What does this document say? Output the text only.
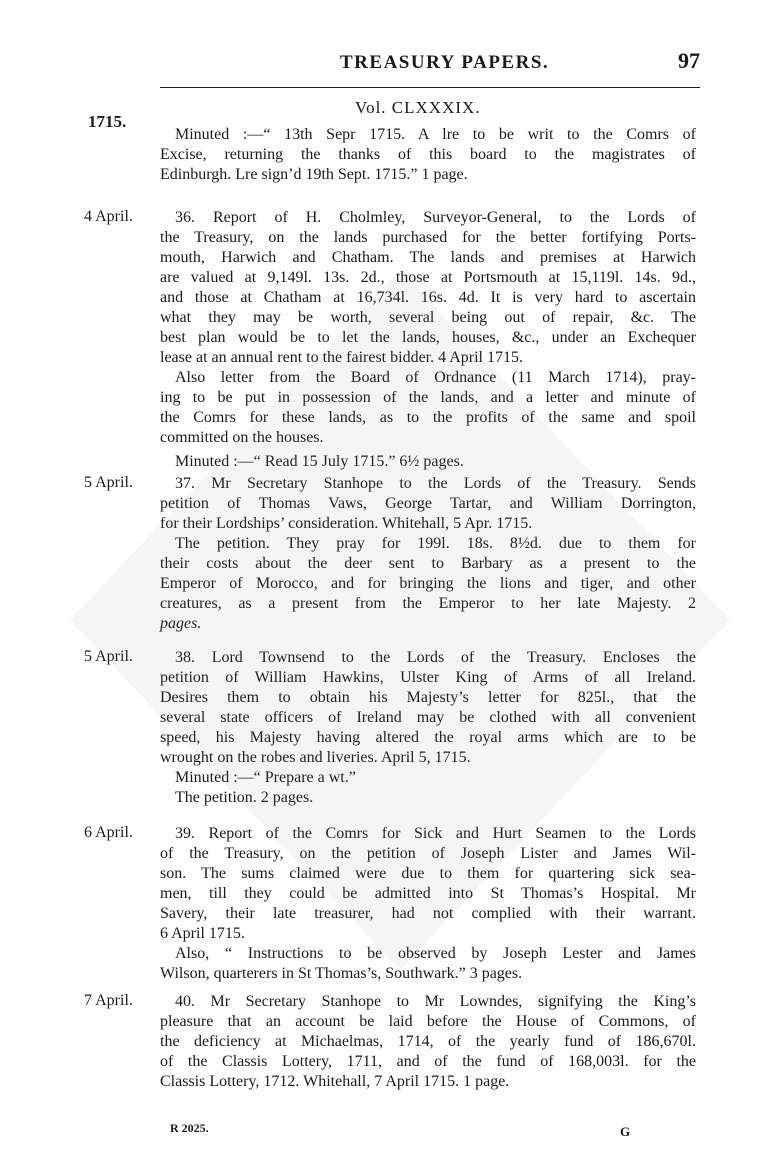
TREASURY PAPERS.	97
Vol. CLXXXIX.
1715.
Minuted :—“ 13th Sepr 1715. A lre to be writ to the Comrs of
Excise, returning the thanks of this board to the magistrates of
Edinburgh. Lre sign’d 19th Sept. 1715.” 1 page.
4 April.	36. Report of H. Cholmley, Surveyor-General, to the Lords of
the Treasury, on the lands purchased for the better fortifying Ports-
mouth, Harwich and Chatham. The lands and premises at Harwich
are valued at 9,149l. 13s. 2d., those at Portsmouth at 15,119l. 14s. 9d.,
and those at Chatham at 16,734l. 16s. 4d. It is very hard to ascertain
what they may be worth, several being out of repair, &c. The
best plan would be to let the lands, houses, &c., under an Exchequer
lease at an annual rent to the fairest bidder. 4 April 1715.
Also letter from the Board of Ordnance (11 March 1714), pray-
ing to be put in possession of the lands, and a letter and minute of
the Comrs for these lands, as to the profits of the same and spoil
committed on the houses.
Minuted :—“ Read 15 July 1715.” 6½ pages.
5 April.	37. Mr Secretary Stanhope to the Lords of the Treasury. Sends
petition of Thomas Vaws, George Tartar, and William Dorrington,
for their Lordships’ consideration. Whitehall, 5 Apr. 1715.
The petition. They pray for 199l. 18s. 8½d. due to them for
their costs about the deer sent to Barbary as a present to the
Emperor of Morocco, and for bringing the lions and tiger, and other
creatures, as a present from the Emperor to her late Majesty. 2
pages.
5 April.	38. Lord Townsend to the Lords of the Treasury. Encloses the
petition of William Hawkins, Ulster King of Arms of all Ireland.
Desires them to obtain his Majesty’s letter for 825l., that the
several state officers of Ireland may be clothed with all convenient
speed, his Majesty having altered the royal arms which are to be
wrought on the robes and liveries. April 5, 1715.
Minuted :—“ Prepare a wt.”
The petition. 2 pages.
6 April.	39. Report of the Comrs for Sick and Hurt Seamen to the Lords
of the Treasury, on the petition of Joseph Lister and James Wil-
son. The sums claimed were due to them for quartering sick sea-
men, till they could be admitted into St Thomas’s Hospital. Mr
Savery, their late treasurer, had not complied with their warrant.
6 April 1715.
Also, “ Instructions to be observed by Joseph Lester and James
Wilson, quarterers in St Thomas’s, Southwark.” 3 pages.
7 April.	40. Mr Secretary Stanhope to Mr Lowndes, signifying the King’s
pleasure that an account be laid before the House of Commons, of
the deficiency at Michaelmas, 1714, of the yearly fund of 186,670l.
of the Classis Lottery, 1711, and of the fund of 168,003l. for the
Classis Lottery, 1712. Whitehall, 7 April 1715. 1 page.
R 2025.	G
